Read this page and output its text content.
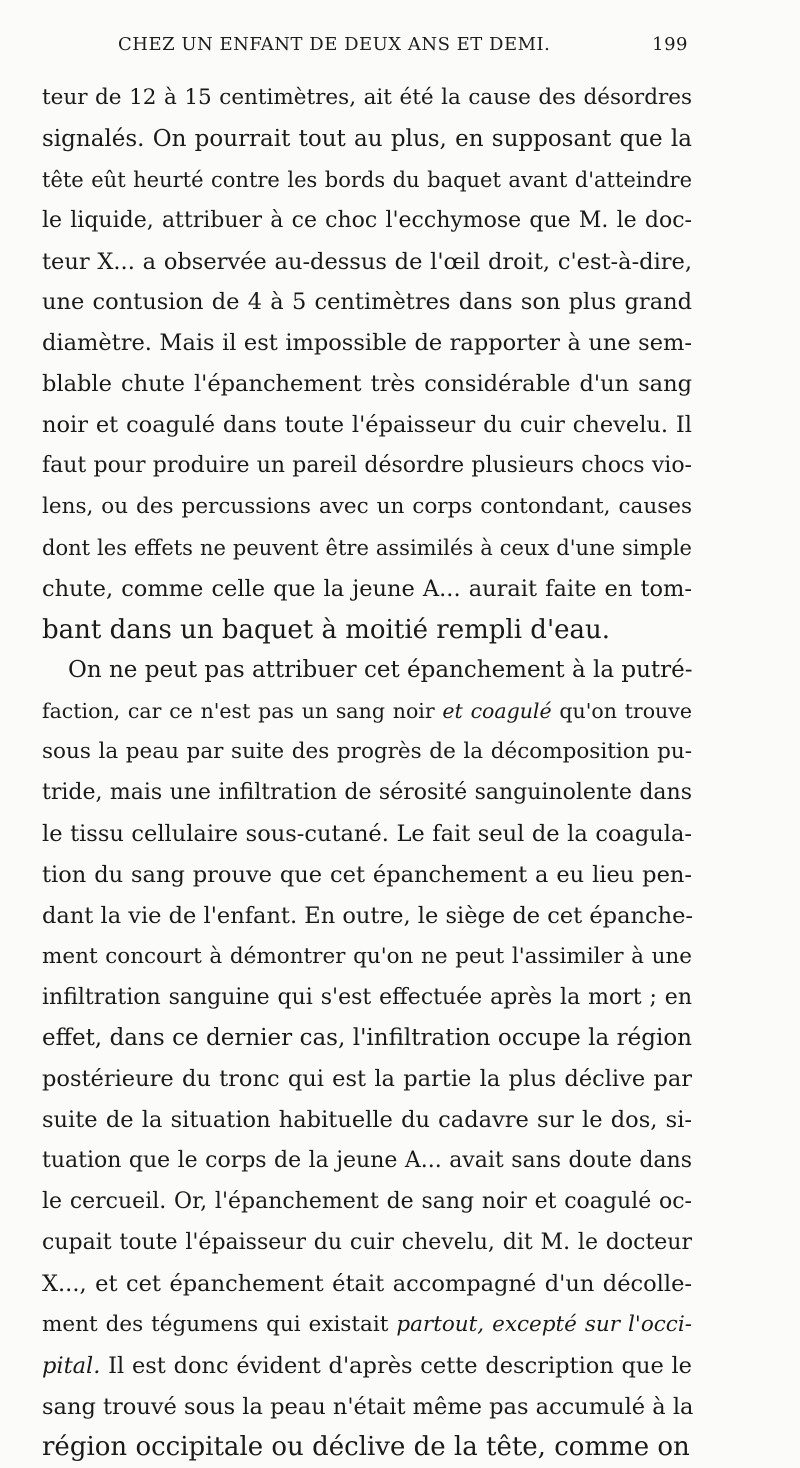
CHEZ UN ENFANT DE DEUX ANS ET DEMI.	199
teur de 12 à 15 centimètres, ait été la cause des désordres
signalés. On pourrait tout au plus, en supposant que la
tête eût heurté contre les bords du baquet avant d'atteindre
le liquide, attribuer à ce choc l'ecchymose que M. le doc-
teur X... a observée au-dessus de l'œil droit, c'est-à-dire,
une contusion de 4 à 5 centimètres dans son plus grand
diamètre. Mais il est impossible de rapporter à une sem-
blable chute l'épanchement très considérable d'un sang
noir et coagulé dans toute l'épaisseur du cuir chevelu. Il
faut pour produire un pareil désordre plusieurs chocs vio-
lens, ou des percussions avec un corps contondant, causes
dont les effets ne peuvent être assimilés à ceux d'une simple
chute, comme celle que la jeune A... aurait faite en tom-
bant dans un baquet à moitié rempli d'eau.
On ne peut pas attribuer cet épanchement à la putré-
faction, car ce n'est pas un sang noir et coagulé qu'on trouve
sous la peau par suite des progrès de la décomposition pu-
tride, mais une infiltration de sérosité sanguinolente dans
le tissu cellulaire sous-cutané. Le fait seul de la coagula-
tion du sang prouve que cet épanchement a eu lieu pen-
dant la vie de l'enfant. En outre, le siège de cet épanche-
ment concourt à démontrer qu'on ne peut l'assimiler à une
infiltration sanguine qui s'est effectuée après la mort ; en
effet, dans ce dernier cas, l'infiltration occupe la région
postérieure du tronc qui est la partie la plus déclive par
suite de la situation habituelle du cadavre sur le dos, si-
tuation que le corps de la jeune A... avait sans doute dans
le cercueil. Or, l'épanchement de sang noir et coagulé oc-
cupait toute l'épaisseur du cuir chevelu, dit M. le docteur
X..., et cet épanchement était accompagné d'un décolle-
ment des tégumens qui existait partout, excepté sur l'occi-
pital. Il est donc évident d'après cette description que le
sang trouvé sous la peau n'était même pas accumulé à la
région occipitale ou déclive de la tête, comme on
